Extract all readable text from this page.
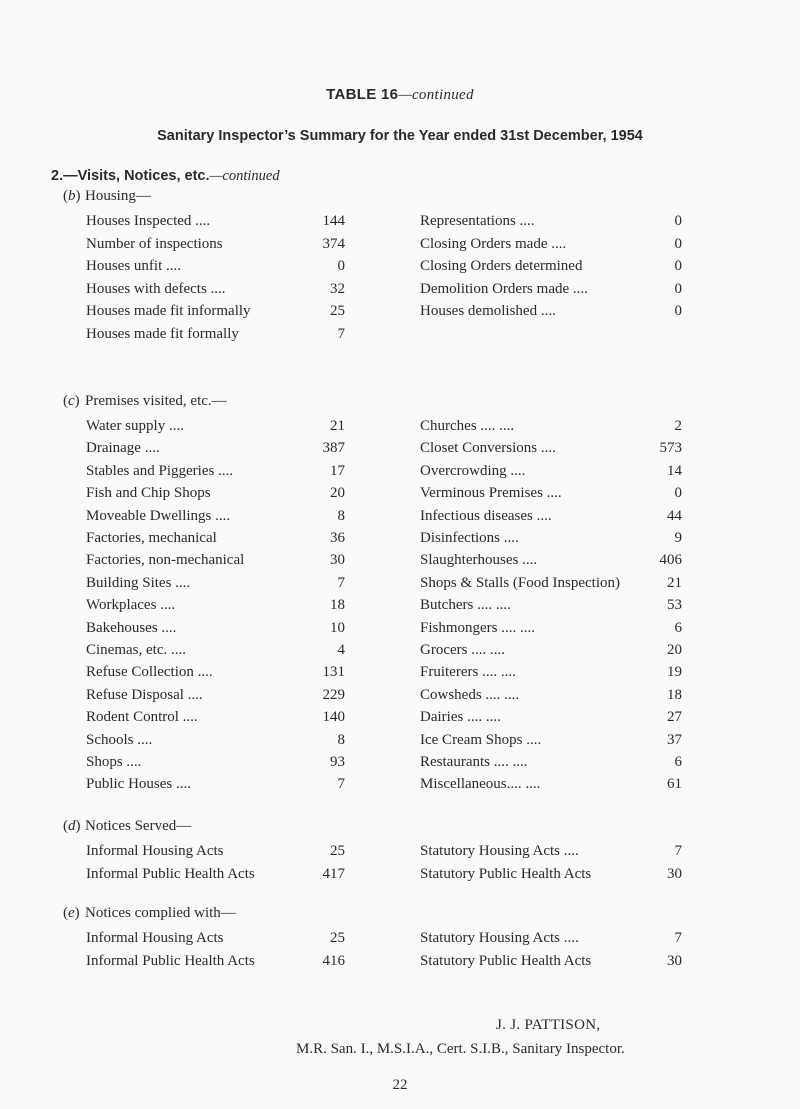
TABLE 16—continued
Sanitary Inspector’s Summary for the Year ended 31st December, 1954
2.—Visits, Notices, etc.—continued
(b) Housing—
Houses Inspected ....	144	Representations ....	0
Number of inspections	374	Closing Orders made ....	0
Houses unfit ....	0	Closing Orders determined	0
Houses with defects ....	32	Demolition Orders made ....	0
Houses made fit informally	25	Houses demolished ....	0
Houses made fit formally	7
(c) Premises visited, etc.—
Water supply ....	21	Churches .... ....	2
Drainage ....	387	Closet Conversions ....	573
Stables and Piggeries ....	17	Overcrowding ....	14
Fish and Chip Shops	20	Verminous Premises ....	0
Moveable Dwellings ....	8	Infectious diseases ....	44
Factories, mechanical	36	Disinfections ....	9
Factories, non-mechanical	30	Slaughterhouses ....	406
Building Sites ....	7	Shops & Stalls (Food Inspection)	21
Workplaces ....	18	Butchers .... ....	53
Bakehouses ....	10	Fishmongers .... ....	6
Cinemas, etc. ....	4	Grocers .... ....	20
Refuse Collection ....	131	Fruiterers .... ....	19
Refuse Disposal ....	229	Cowsheds .... ....	18
Rodent Control ....	140	Dairies .... ....	27
Schools ....	8	Ice Cream Shops ....	37
Shops ....	93	Restaurants .... ....	6
Public Houses ....	7	Miscellaneous.... ....	61
(d) Notices Served—
Informal Housing Acts	25	Statutory Housing Acts ....	7
Informal Public Health Acts	417	Statutory Public Health Acts	30
(e) Notices complied with—
Informal Housing Acts	25	Statutory Housing Acts ....	7
Informal Public Health Acts	416	Statutory Public Health Acts	30
J. J. PATTISON,
M.R. San. I., M.S.I.A., Cert. S.I.B., Sanitary Inspector.
22
